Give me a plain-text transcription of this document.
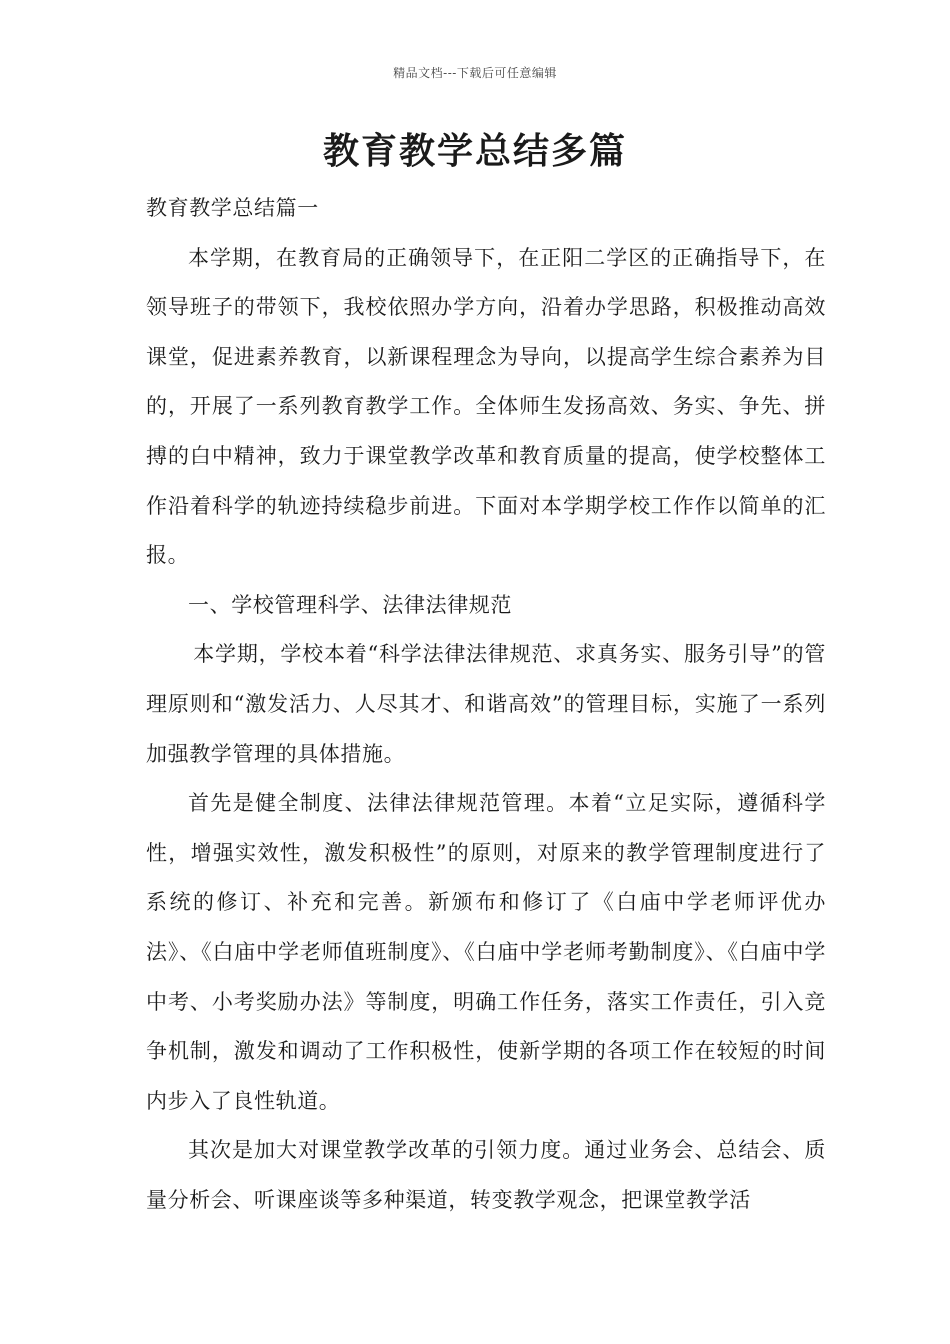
精品文档---下载后可任意编辑
教育教学总结多篇

教育教学总结篇一

本学期，在教育局的正确领导下，在正阳二学区的正确指导下，在领导班子的带领下，我校依照办学方向，沿着办学思路，积极推动高效课堂，促进素养教育，以新课程理念为导向，以提高学生综合素养为目的，开展了一系列教育教学工作。全体师生发扬高效、务实、争先、拼搏的白中精神，致力于课堂教学改革和教育质量的提高，使学校整体工作沿着科学的轨迹持续稳步前进。下面对本学期学校工作作以简单的汇报。

一、学校管理科学、法律法律规范

本学期，学校本着“科学法律法律规范、求真务实、服务引导”的管理原则和“激发活力、人尽其才、和谐高效”的管理目标，实施了一系列加强教学管理的具体措施。

首先是健全制度、法律法律规范管理。本着“立足实际，遵循科学性，增强实效性，激发积极性”的原则，对原来的教学管理制度进行了系统的修订、补充和完善。新颁布和修订了《白庙中学老师评优办法》、《白庙中学老师值班制度》、《白庙中学老师考勤制度》、《白庙中学中考、小考奖励办法》等制度，明确工作任务，落实工作责任，引入竞争机制，激发和调动了工作积极性，使新学期的各项工作在较短的时间内步入了良性轨道。

其次是加大对课堂教学改革的引领力度。通过业务会、总结会、质量分析会、听课座谈等多种渠道，转变教学观念，把课堂教学活
